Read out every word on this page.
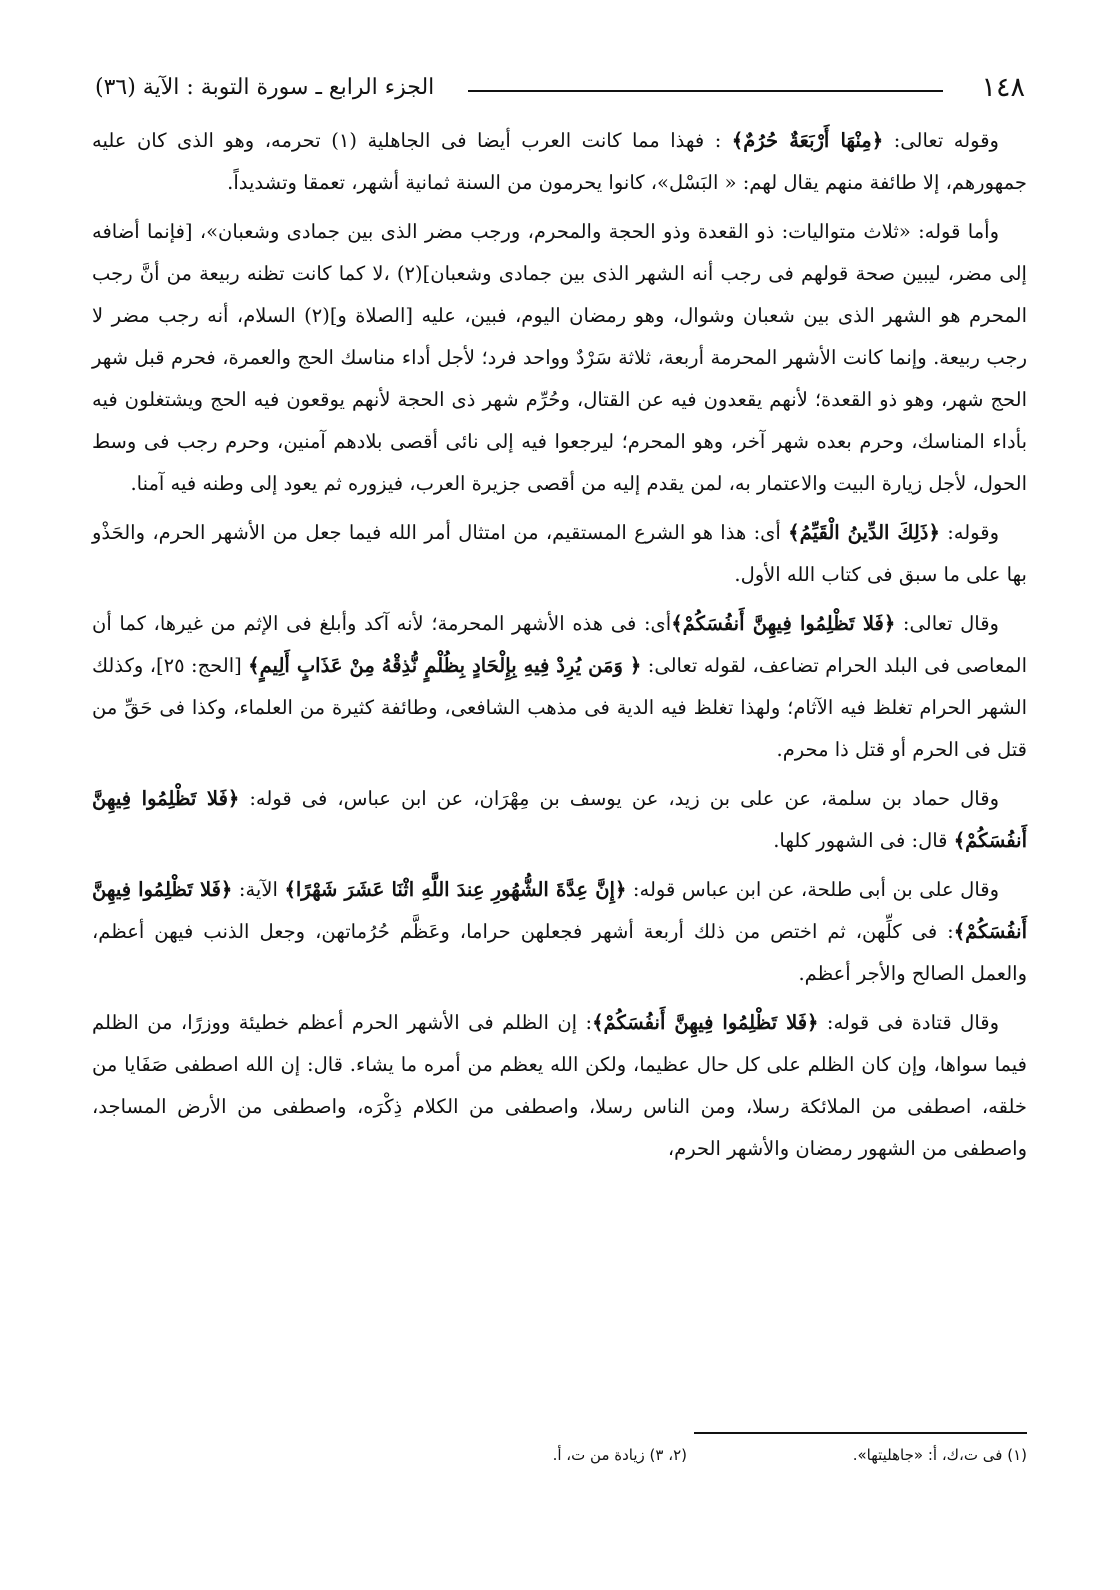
١٤٨
الجزء الرابع ـ سورة التوبة : الآية (٣٦)

وقوله تعالى: ﴿مِنْهَا أَرْبَعَةٌ حُرُمٌ﴾ : فهذا مما كانت العرب أيضا فى الجاهلية (١) تحرمه، وهو الذى كان عليه جمهورهم، إلا طائفة منهم يقال لهم: « البَسْل»، كانوا يحرمون من السنة ثمانية أشهر، تعمقا وتشديداً.

وأما قوله: «ثلاث متواليات: ذو القعدة وذو الحجة والمحرم، ورجب مضر الذى بين جمادى وشعبان»، [فإنما أضافه إلى مضر، ليبين صحة قولهم فى رجب أنه الشهر الذى بين جمادى وشعبان](٢) ،لا كما كانت تظنه ربيعة من أنَّ رجب المحرم هو الشهر الذى بين شعبان وشوال، وهو رمضان اليوم، فبين، عليه [الصلاة و](٢) السلام، أنه رجب مضر لا رجب ربيعة. وإنما كانت الأشهر المحرمة أربعة، ثلاثة سَرْدٌ وواحد فرد؛ لأجل أداء مناسك الحج والعمرة، فحرم قبل شهر الحج شهر، وهو ذو القعدة؛ لأنهم يقعدون فيه عن القتال، وحُرِّم شهر ذى الحجة لأنهم يوقعون فيه الحج ويشتغلون فيه بأداء المناسك، وحرم بعده شهر آخر، وهو المحرم؛ ليرجعوا فيه إلى نائى أقصى بلادهم آمنين، وحرم رجب فى وسط الحول، لأجل زيارة البيت والاعتمار به، لمن يقدم إليه من أقصى جزيرة العرب، فيزوره ثم يعود إلى وطنه فيه آمنا.

وقوله: ﴿ذَلِكَ الدِّينُ الْقَيِّمُ﴾ أى: هذا هو الشرع المستقيم، من امتثال أمر الله فيما جعل من الأشهر الحرم، والحَذْو بها على ما سبق فى كتاب الله الأول.

وقال تعالى: ﴿فَلا تَظْلِمُوا فِيهِنَّ أَنفُسَكُمْ﴾أى: فى هذه الأشهر المحرمة؛ لأنه آكد وأبلغ فى الإثم من غيرها، كما أن المعاصى فى البلد الحرام تضاعف، لقوله تعالى: ﴿ وَمَن يُرِدْ فِيهِ بِإِلْحَادٍ بِظُلْمٍ نُّذِقْهُ مِنْ عَذَابٍ أَلِيمٍ﴾ [الحج: ٢٥]، وكذلك الشهر الحرام تغلظ فيه الآثام؛ ولهذا تغلظ فيه الدية فى مذهب الشافعى، وطائفة كثيرة من العلماء، وكذا فى حَقِّ من قتل فى الحرم أو قتل ذا محرم.

وقال حماد بن سلمة، عن على بن زيد، عن يوسف بن مِهْرَان، عن ابن عباس، فى قوله: ﴿فَلا تَظْلِمُوا فِيهِنَّ أَنفُسَكُمْ﴾ قال: فى الشهور كلها.

وقال على بن أبى طلحة، عن ابن عباس قوله: ﴿إِنَّ عِدَّةَ الشُّهُورِ عِندَ اللَّهِ اثْنَا عَشَرَ شَهْرًا﴾ الآية: ﴿فَلا تَظْلِمُوا فِيهِنَّ أَنفُسَكُمْ﴾: فى كلِّهن، ثم اختص من ذلك أربعة أشهر فجعلهن حراما، وعَظَّم حُرُماتهن، وجعل الذنب فيهن أعظم، والعمل الصالح والأجر أعظم.

وقال قتادة فى قوله: ﴿فَلا تَظْلِمُوا فِيهِنَّ أَنفُسَكُمْ﴾: إن الظلم فى الأشهر الحرم أعظم خطيئة ووزرًا، من الظلم فيما سواها، وإن كان الظلم على كل حال عظيما، ولكن الله يعظم من أمره ما يشاء. قال: إن الله اصطفى صَفَايا من خلقه، اصطفى من الملائكة رسلا، ومن الناس رسلا، واصطفى من الكلام ذِكْرَه، واصطفى من الأرض المساجد، واصطفى من الشهور رمضان والأشهر الحرم،

(١) فى ت،ك، أ: «جاهليتها».
(٢، ٣) زيادة من ت، أ.
